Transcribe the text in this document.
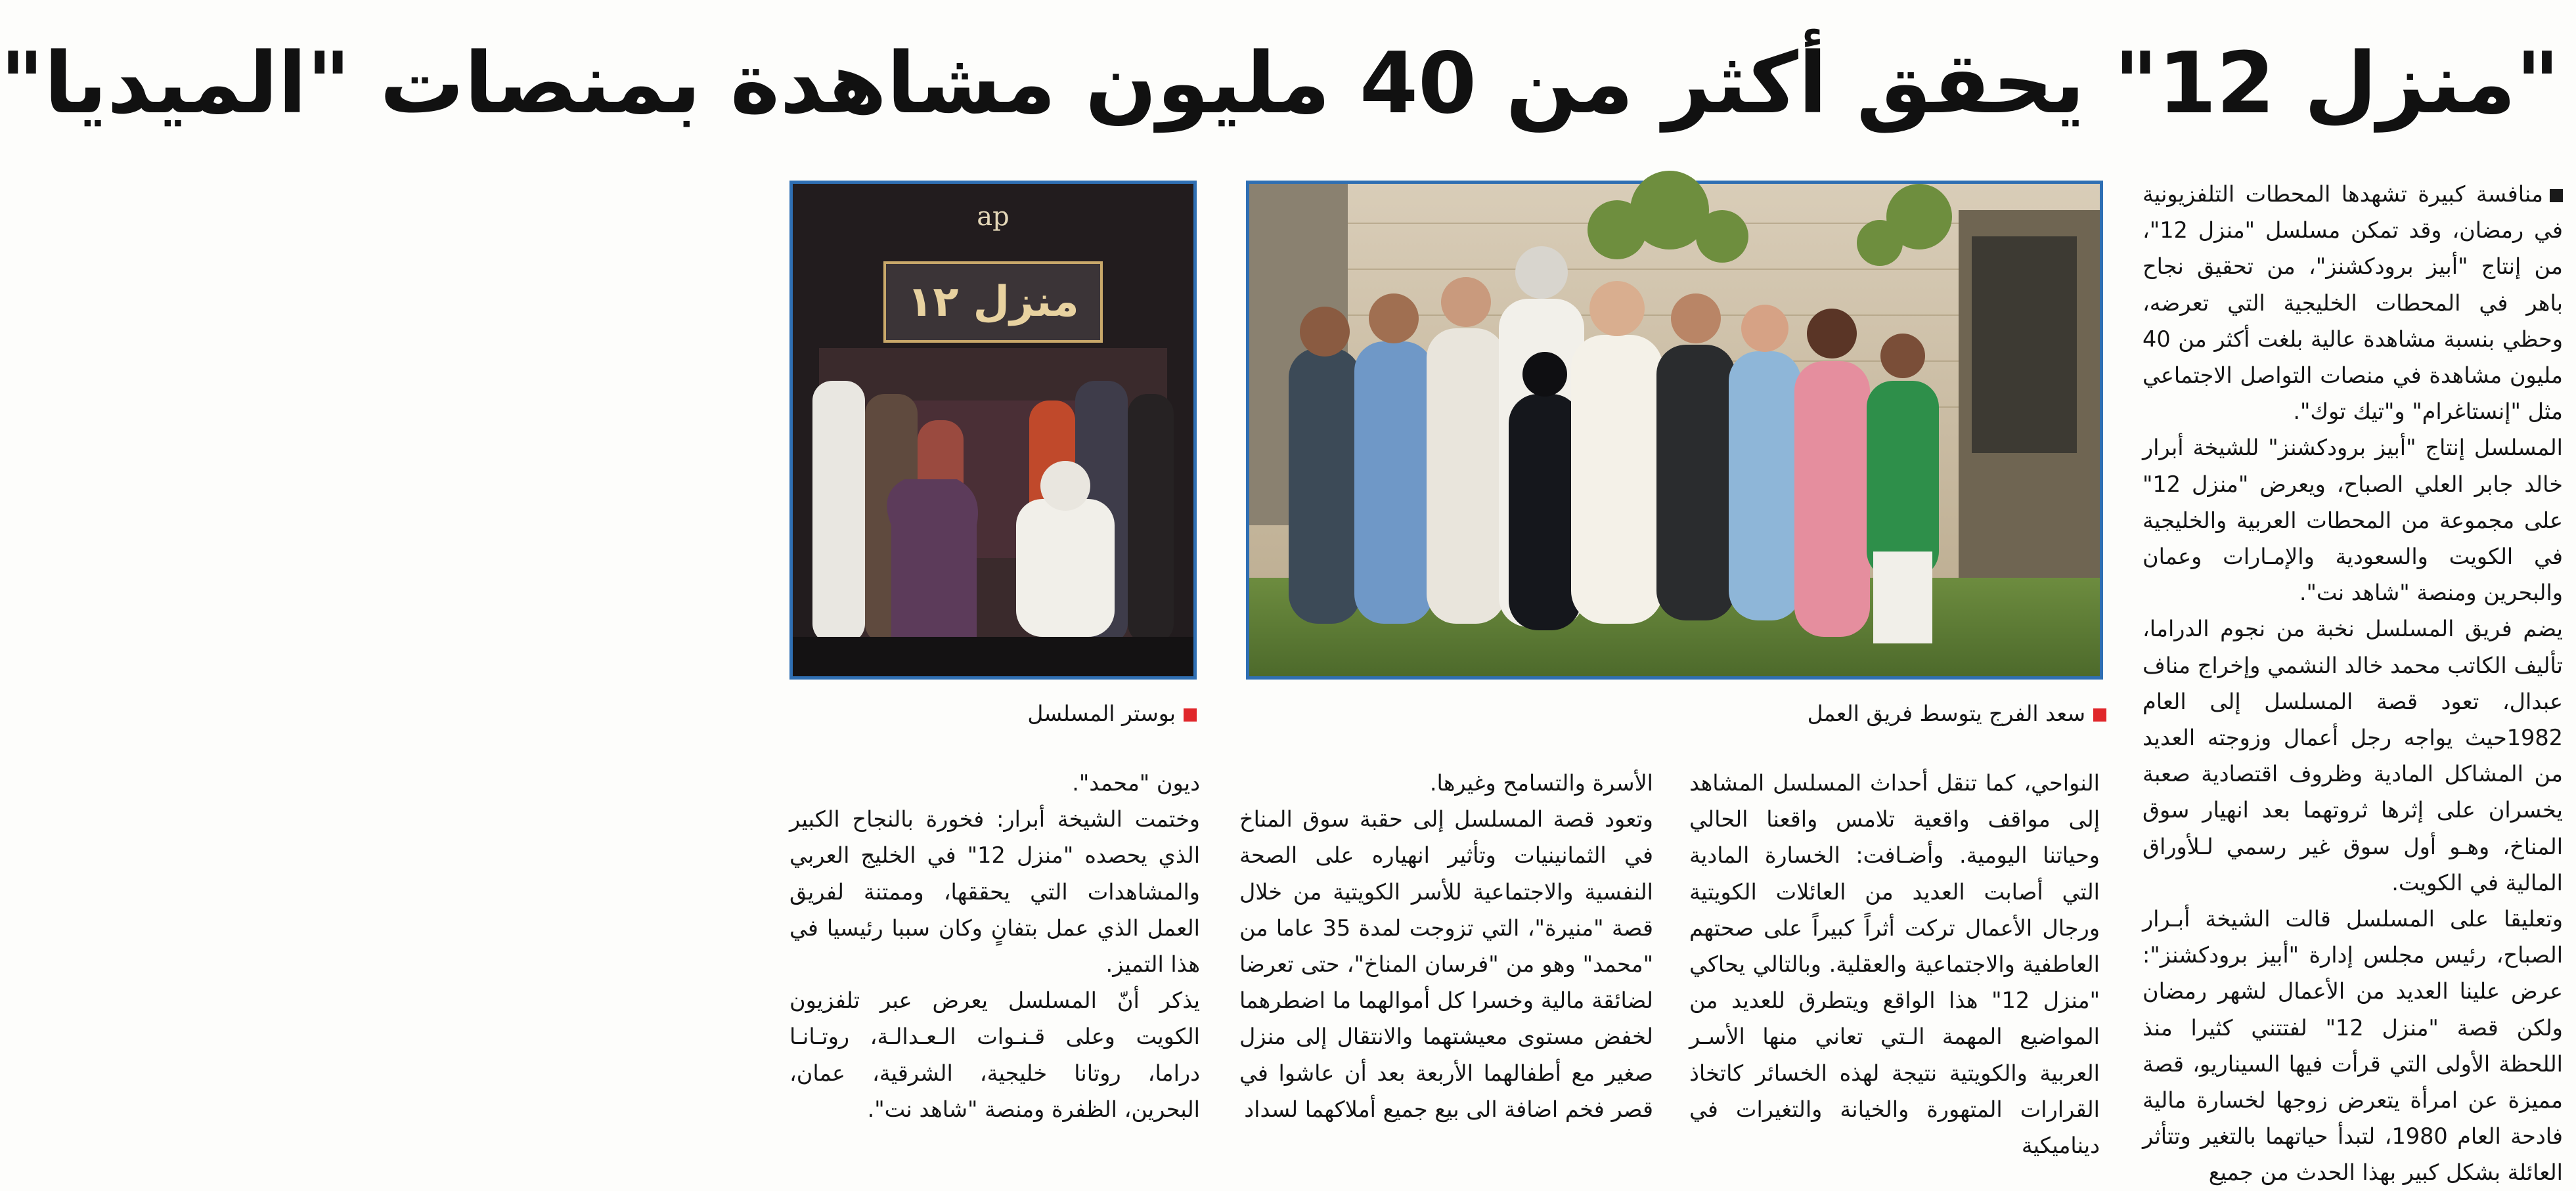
"منزل 12" يحقق أكثر من 40 مليون مشاهدة بمنصات "الميديا"

منافسة كبيرة تشهدها المحطات التلفزيونية في رمضان، وقد تمكن مسلسل "منزل 12"، من إنتاج "أبيز برودكشنز"، من تحقيق نجاح باهر في المحطات الخليجية التي تعرضه، وحظي بنسبة مشاهدة عالية بلغت أكثر من 40 مليون مشاهدة في منصات التواصل الاجتماعي مثل "إنستاغرام" و"تيك توك".

المسلسل إنتاج "أبيز برودكشنز" للشيخة أبرار خالد جابر العلي الصباح، ويعرض "منزل 12" على مجموعة من المحطات العربية والخليجية في الكويت والسعودية والإمـارات وعمان والبحرين ومنصة "شاهد نت".

يضم فريق المسلسل نخبة من نجوم الدراما، تأليف الكاتب محمد خالد النشمي وإخراج مناف عبدال، تعود قصة المسلسل إلى العام 1982حيث يواجه رجل أعمال وزوجته العديد من المشاكل المادية وظروف اقتصادية صعبة يخسران على إثرها ثروتهما بعد انهيار سوق المناخ، وهـو أول سوق غير رسمي لـلأوراق المالية في الكويت.

وتعليقا على المسلسل قالت الشيخة أبـرار الصباح، رئيس مجلس إدارة "أبيز برودكشنز": عرض علينا العديد من الأعمال لشهر رمضان ولكن قصة "منزل 12" لفتتني كثيرا منذ اللحظة الأولى التي قرأت فيها السيناريو، قصة مميزة عن امرأة يتعرض زوجها لخسارة مالية فادحة العام 1980، لتبدأ حياتهما بالتغير وتتأثر العائلة بشكل كبير بهذا الحدث من جميع

ap
منزل ١٢
سعد الفرج يتوسط فريق العمل
بوستر المسلسل

النواحي، كما تنقل أحداث المسلسل المشاهد إلى مواقف واقعية تلامس واقعنا الحالي وحياتنا اليومية. وأضـافت: الخسارة المادية التي أصابت العديد من العائلات الكويتية ورجال الأعمال تركت أثراً كبيراً على صحتهم العاطفية والاجتماعية والعقلية. وبالتالي يحاكي "منزل 12" هذا الواقع ويتطرق للعديد من المواضيع المهمة الـتي تعاني منها الأسـر العربية والكويتية نتيجة لهذه الخسائر كاتخاذ القرارات المتهورة والخيانة والتغيرات في ديناميكية

الأسرة والتسامح وغيرها.

وتعود قصة المسلسل إلى حقبة سوق المناخ في الثمانينيات وتأثير انهياره على الصحة النفسية والاجتماعية للأسر الكويتية من خلال قصة "منيرة"، التي تزوجت لمدة 35 عاما من "محمد" وهو من "فرسان المناخ"، حتى تعرضا لضائقة مالية وخسرا كل أموالهما ما اضطرهما لخفض مستوى معيشتهما والانتقال إلى منزل صغير مع أطفالهما الأربعة بعد أن عاشوا في قصر فخم اضافة الى بيع جميع أملاكهما لسداد

ديون "محمد".

وختمت الشيخة أبرار: فخورة بالنجاح الكبير الذي يحصده "منزل 12" في الخليج العربي والمشاهدات التي يحققها، وممتنة لفريق العمل الذي عمل بتفانٍ وكان سببا رئيسيا في هذا التميز.

يذكر أنّ المسلسل يعرض عبر تلفزيون الكويت وعلى قـنـوات الـعـدالـة، روتـانـا دراما، روتانا خليجية، الشرقية، عمان، البحرين، الظفرة ومنصة "شاهد نت".
